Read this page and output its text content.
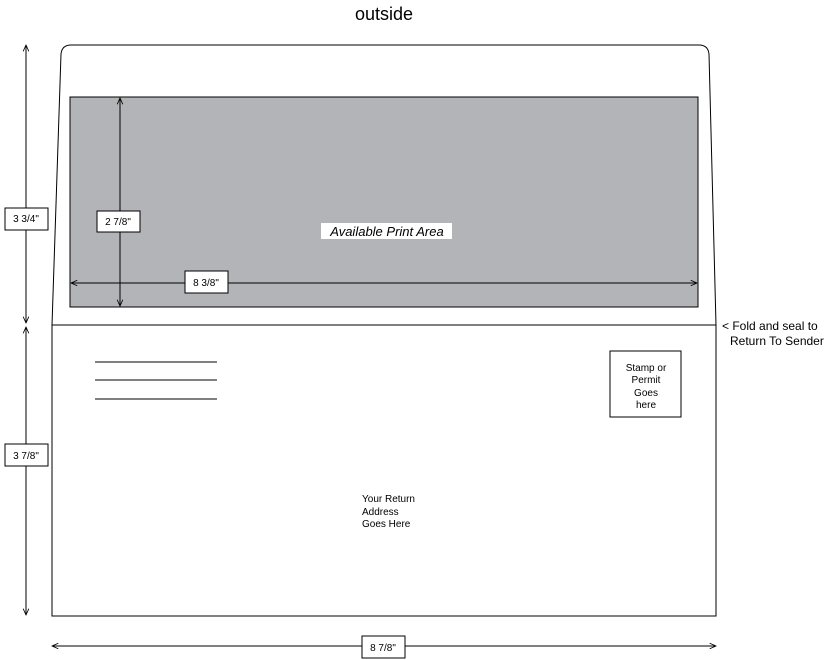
outside
Available Print Area
2 7/8"
8 3/8"
< Fold and seal to
Return To Sender
Stamp or
Permit
Goes
here
Your Return
Address
Goes Here
3 3/4"
3 7/8"
8 7/8"
